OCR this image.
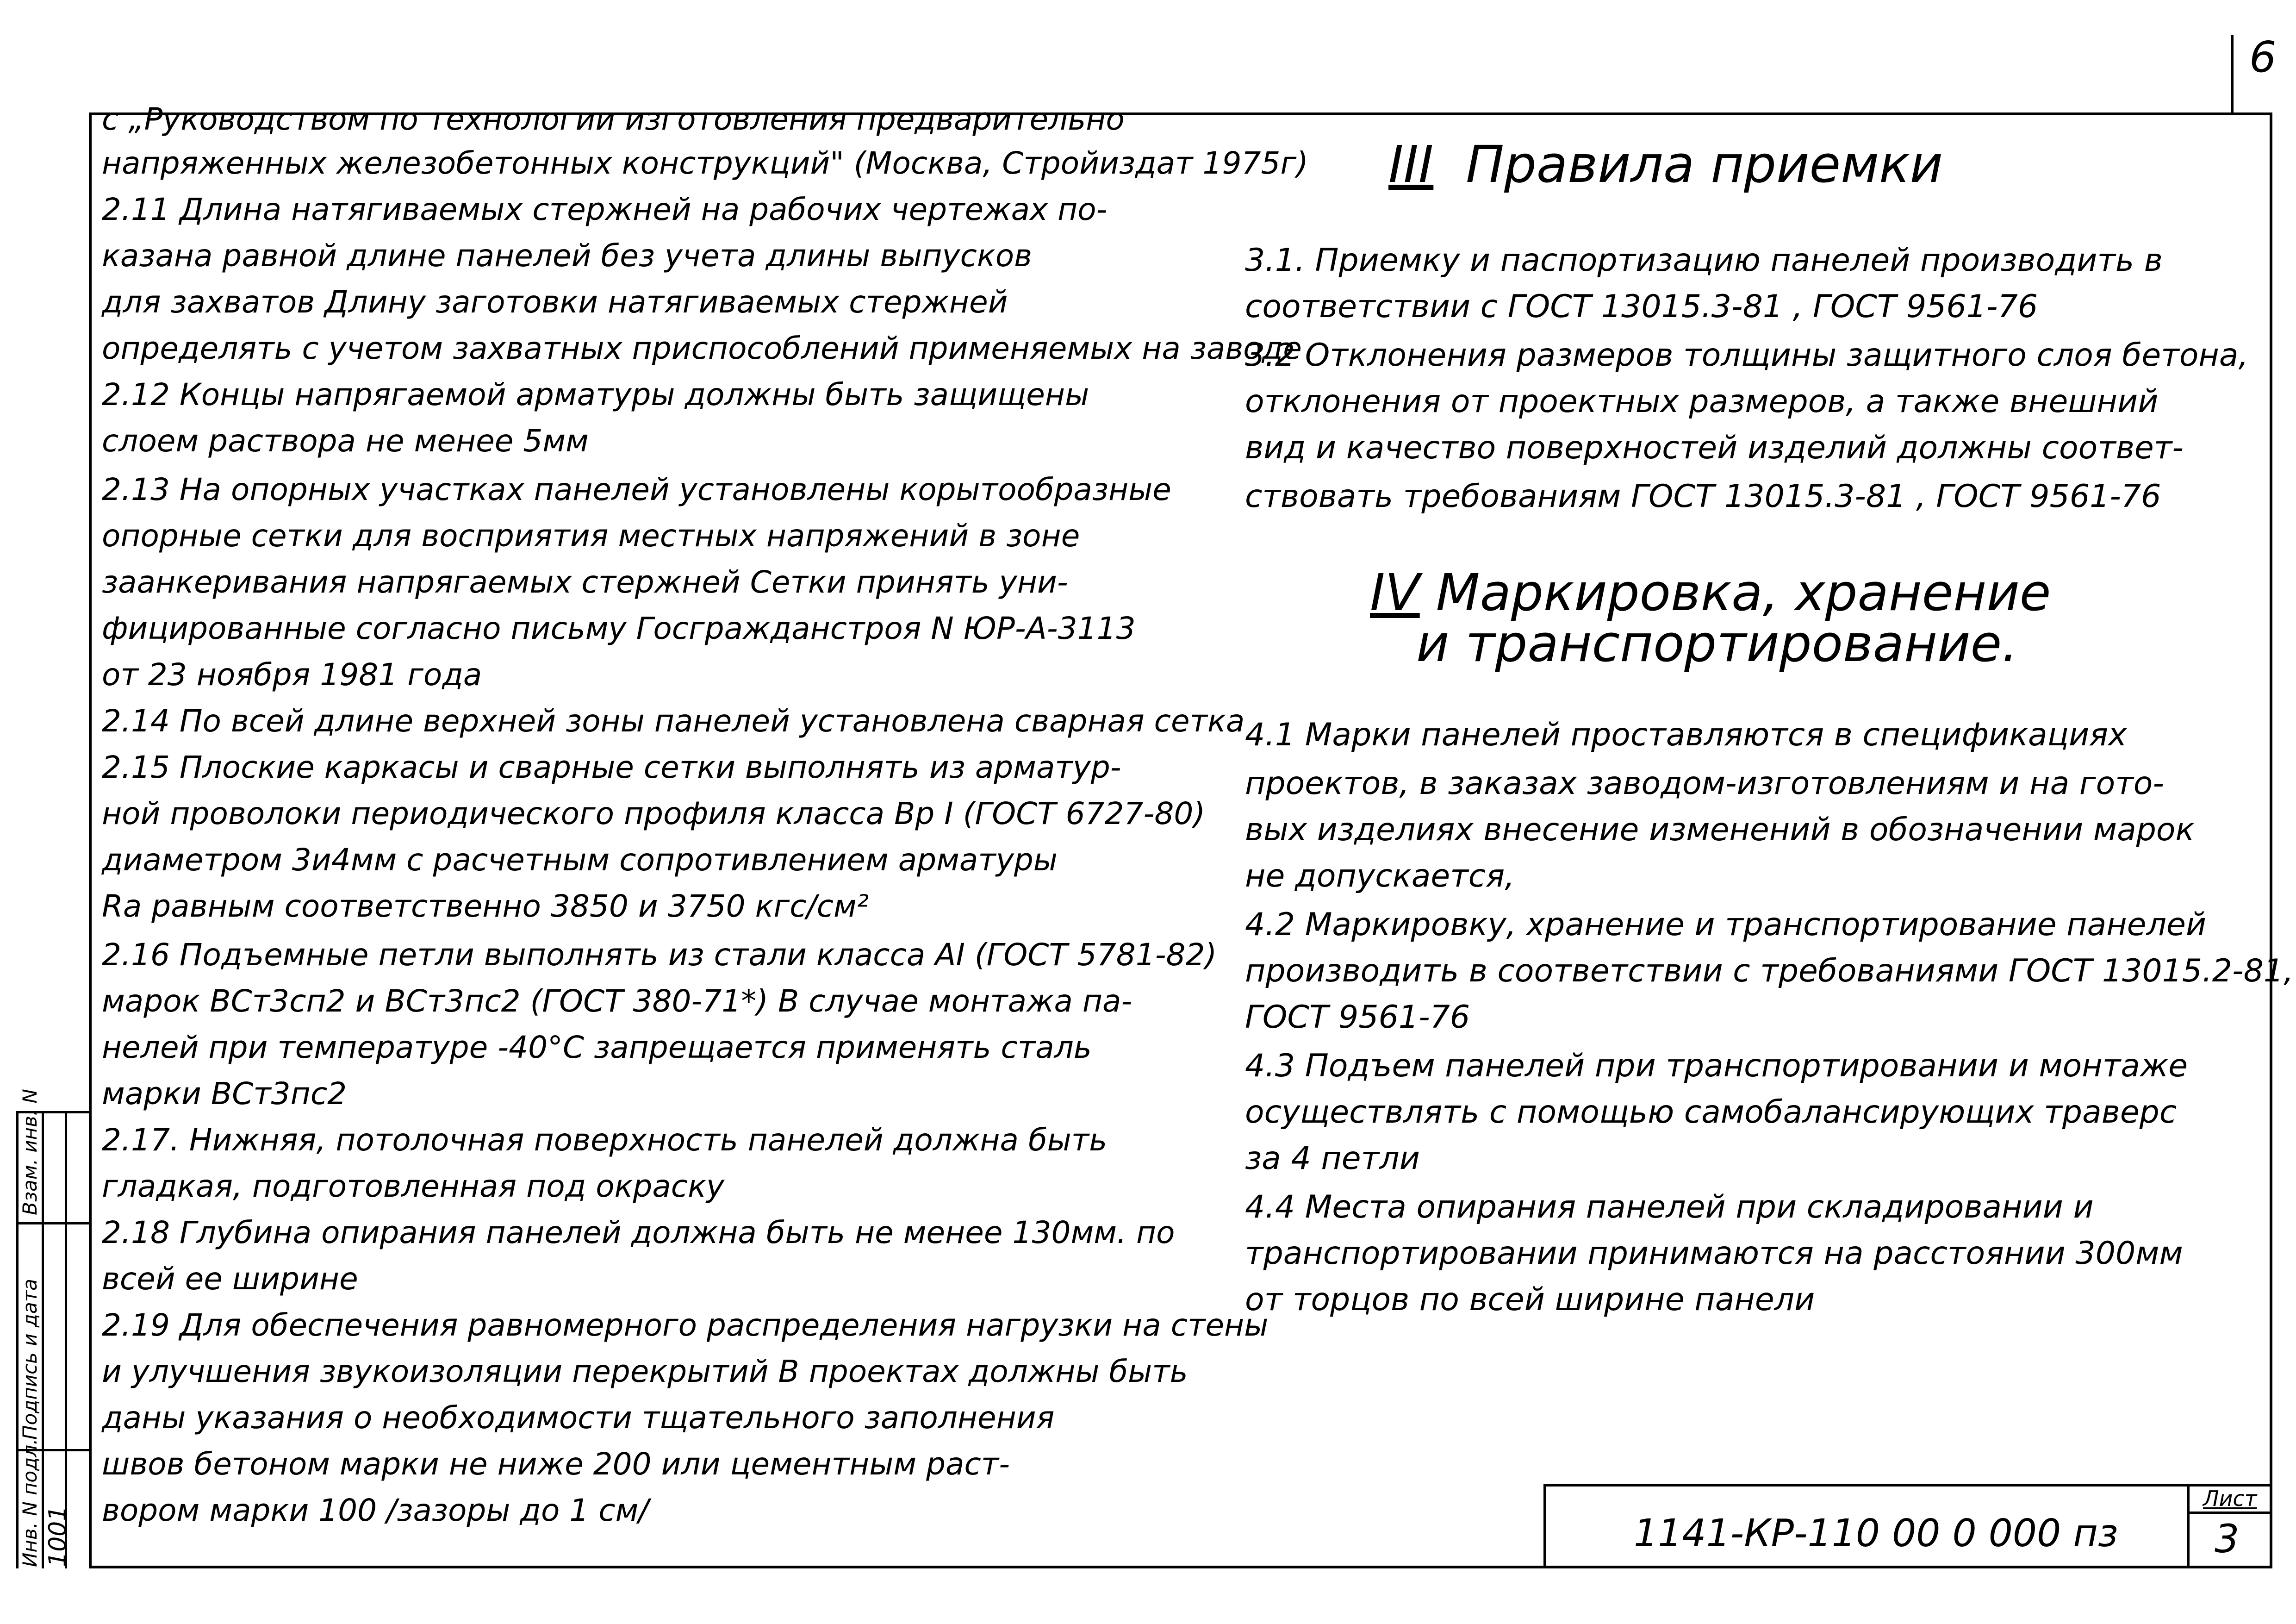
6
с „Руководством по технологии изготовления предварительно
напряженных железобетонных конструкций" (Москва, Стройиздат 1975г)
2.11 Длина натягиваемых стержней на рабочих чертежах по-
казана равной длине панелей без учета длины выпусков
для захватов Длину заготовки натягиваемых стержней
определять с учетом захватных приспособлений применяемых на заводе
2.12 Концы напрягаемой арматуры должны быть защищены
слоем раствора не менее 5мм
2.13 На опорных участках панелей установлены корытообразные
опорные сетки для восприятия местных напряжений в зоне
заанкеривания напрягаемых стержней Сетки принять уни-
фицированные согласно письму Госгражданстроя N ЮР-А-3113
от 23 ноября 1981 года
2.14 По всей длине верхней зоны панелей установлена сварная сетка
2.15 Плоские каркасы и сварные сетки выполнять из арматур-
ной проволоки периодического профиля класса Вр I (ГОСТ 6727-80)
диаметром 3и4мм с расчетным сопротивлением арматуры
Ra равным соответственно 3850 и 3750 кгс/см²
2.16 Подъемные петли выполнять из стали класса AI (ГОСТ 5781-82)
марок ВСт3сп2 и ВСт3пс2 (ГОСТ 380-71*) В случае монтажа па-
нелей при температуре -40°С запрещается применять сталь
марки ВСт3пс2
2.17. Нижняя, потолочная поверхность панелей должна быть
гладкая, подготовленная под окраску
2.18 Глубина опирания панелей должна быть не менее 130мм. по
всей ее ширине
2.19 Для обеспечения равномерного распределения нагрузки на стены
и улучшения звукоизоляции перекрытий В проектах должны быть
даны указания о необходимости тщательного заполнения
швов бетоном марки не ниже 200 или цементным раст-
вором марки 100 /зазоры до 1 см/
III Правила приемки
3.1. Приемку и паспортизацию панелей производить в
соответствии с ГОСТ 13015.3-81 , ГОСТ 9561-76
3.2 Отклонения размеров толщины защитного слоя бетона,
отклонения от проектных размеров, а также внешний
вид и качество поверхностей изделий должны соответ-
ствовать требованиям ГОСТ 13015.3-81 , ГОСТ 9561-76
IV Маркировка, хранение
и транспортирование.
4.1 Марки панелей проставляются в спецификациях
проектов, в заказах заводом-изготовлениям и на гото-
вых изделиях внесение изменений в обозначении марок
не допускается,
4.2 Маркировку, хранение и транспортирование панелей
производить в соответствии с требованиями ГОСТ 13015.2-81,
ГОСТ 9561-76
4.3 Подъем панелей при транспортировании и монтаже
осуществлять с помощью самобалансирующих траверс
за 4 петли
4.4 Места опирания панелей при складировании и
транспортировании принимаются на расстоянии 300мм
от торцов по всей ширине панели
1141-КР-110 00 0 000 пз
Лист
3
Взам. инв. N
Подпись и дата
Инв. N подл. 1001
